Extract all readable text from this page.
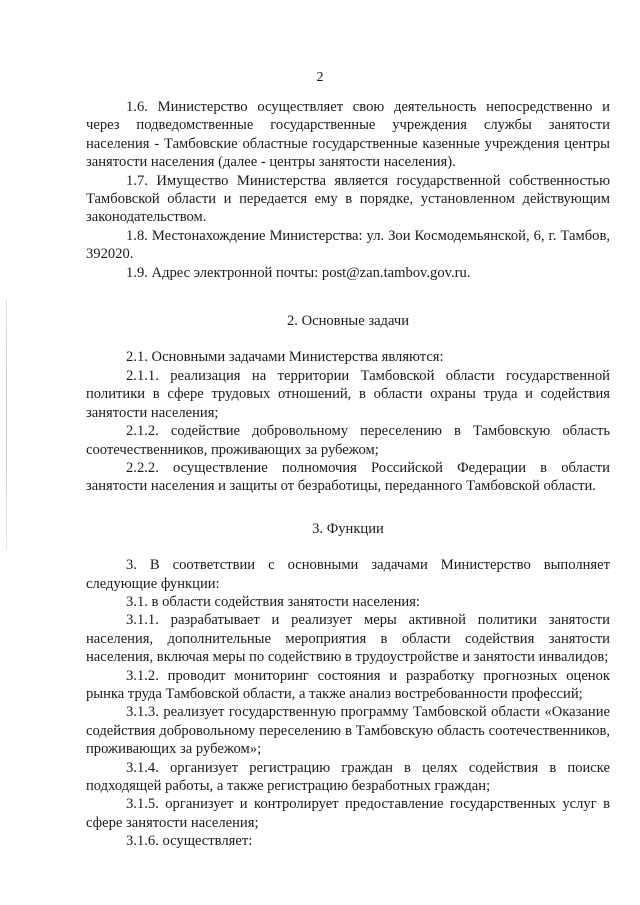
2

1.6. Министерство осуществляет свою деятельность непосредственно и через подведомственные государственные учреждения службы занятости населения - Тамбовские областные государственные казенные учреждения центры занятости населения (далее - центры занятости населения).

1.7. Имущество Министерства является государственной собственностью Тамбовской области и передается ему в порядке, установленном действующим законодательством.

1.8. Местонахождение Министерства: ул. Зои Космодемьянской, 6, г. Тамбов, 392020.

1.9. Адрес электронной почты: post@zan.tambov.gov.ru.

2. Основные задачи

2.1. Основными задачами Министерства являются:

2.1.1. реализация на территории Тамбовской области государственной политики в сфере трудовых отношений, в области охраны труда и содействия занятости населения;

2.1.2. содействие добровольному переселению в Тамбовскую область соотечественников, проживающих за рубежом;

2.2.2. осуществление полномочия Российской Федерации в области занятости населения и защиты от безработицы, переданного Тамбовской области.

3. Функции

3. В соответствии с основными задачами Министерство выполняет следующие функции:

3.1. в области содействия занятости населения:

3.1.1. разрабатывает и реализует меры активной политики занятости населения, дополнительные мероприятия в области содействия занятости населения, включая меры по содействию в трудоустройстве и занятости инвалидов;

3.1.2. проводит мониторинг состояния и разработку прогнозных оценок рынка труда Тамбовской области, а также анализ востребованности профессий;

3.1.3. реализует государственную программу Тамбовской области «Оказание содействия добровольному переселению в Тамбовскую область соотечественников, проживающих за рубежом»;

3.1.4. организует регистрацию граждан в целях содействия в поиске подходящей работы, а также регистрацию безработных граждан;

3.1.5. организует и контролирует предоставление государственных услуг в сфере занятости населения;

3.1.6. осуществляет:
